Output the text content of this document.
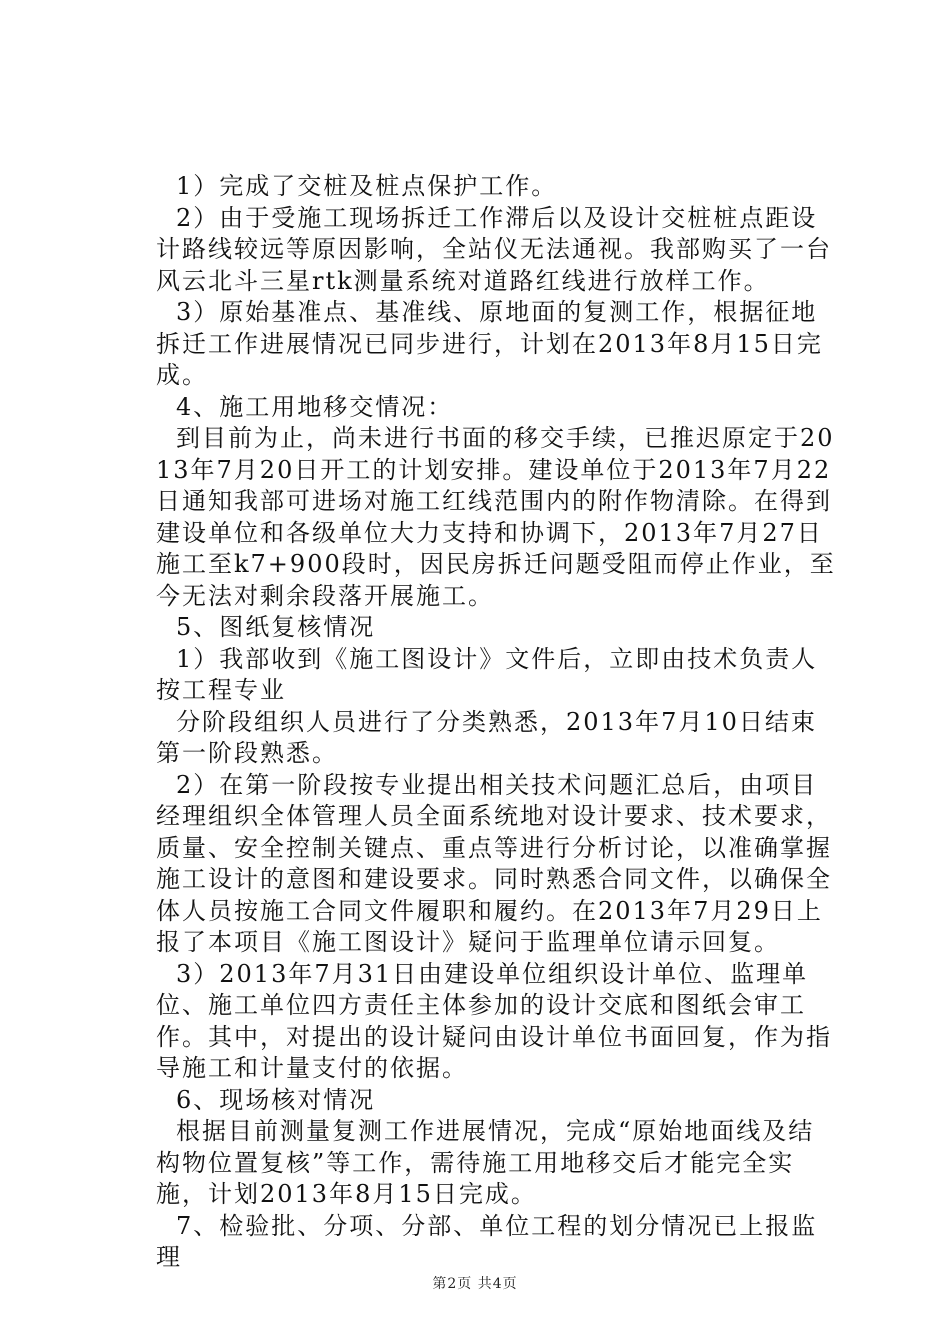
1）完成了交桩及桩点保护工作。

2）由于受施工现场拆迁工作滞后以及设计交桩桩点距设计路线较远等原因影响，全站仪无法通视。我部购买了一台风云北斗三星rtk测量系统对道路红线进行放样工作。

3）原始基准点、基准线、原地面的复测工作，根据征地拆迁工作进展情况已同步进行，计划在2013年8月15日完成。

4、施工用地移交情况：

到目前为止，尚未进行书面的移交手续，已推迟原定于2013年7月20日开工的计划安排。建设单位于2013年7月22日通知我部可进场对施工红线范围内的附作物清除。在得到建设单位和各级单位大力支持和协调下，2013年7月27日施工至k7+900段时，因民房拆迁问题受阻而停止作业，至今无法对剩余段落开展施工。

5、图纸复核情况

1）我部收到《施工图设计》文件后，立即由技术负责人按工程专业

分阶段组织人员进行了分类熟悉，2013年7月10日结束第一阶段熟悉。

2）在第一阶段按专业提出相关技术问题汇总后，由项目经理组织全体管理人员全面系统地对设计要求、技术要求，质量、安全控制关键点、重点等进行分析讨论，以准确掌握施工设计的意图和建设要求。同时熟悉合同文件，以确保全体人员按施工合同文件履职和履约。在2013年7月29日上报了本项目《施工图设计》疑问于监理单位请示回复。

3）2013年7月31日由建设单位组织设计单位、监理单位、施工单位四方责任主体参加的设计交底和图纸会审工作。其中，对提出的设计疑问由设计单位书面回复，作为指导施工和计量支付的依据。

6、现场核对情况

根据目前测量复测工作进展情况，完成“原始地面线及结构物位置复核”等工作，需待施工用地移交后才能完全实施，计划2013年8月15日完成。

7、检验批、分项、分部、单位工程的划分情况已上报监理

第2页 共4页
